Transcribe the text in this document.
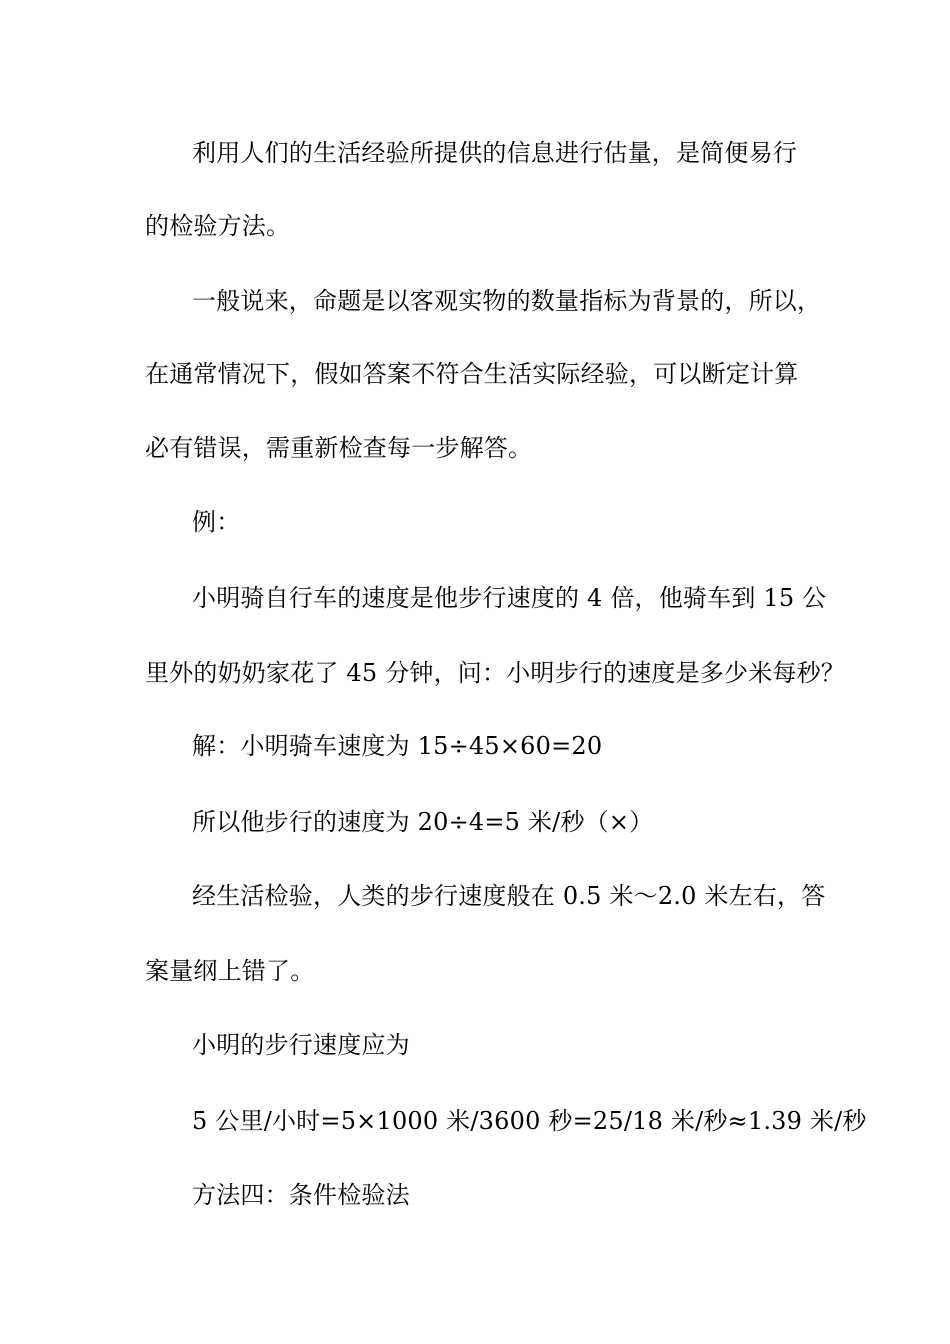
利用人们的生活经验所提供的信息进行估量，是简便易行
的检验方法。
一般说来，命题是以客观实物的数量指标为背景的，所以，
在通常情况下，假如答案不符合生活实际经验，可以断定计算
必有错误，需重新检查每一步解答。
例：
小明骑自行车的速度是他步行速度的 4 倍，他骑车到 15 公
里外的奶奶家花了 45 分钟，问：小明步行的速度是多少米每秒？
解：小明骑车速度为 15÷45×60=20
所以他步行的速度为 20÷4=5 米/秒（×）
经生活检验，人类的步行速度般在 0.5 米～2.0 米左右，答
案量纲上错了。
小明的步行速度应为
5 公里/小时=5×1000 米/3600 秒=25/18 米/秒≈1.39 米/秒
方法四：条件检验法
